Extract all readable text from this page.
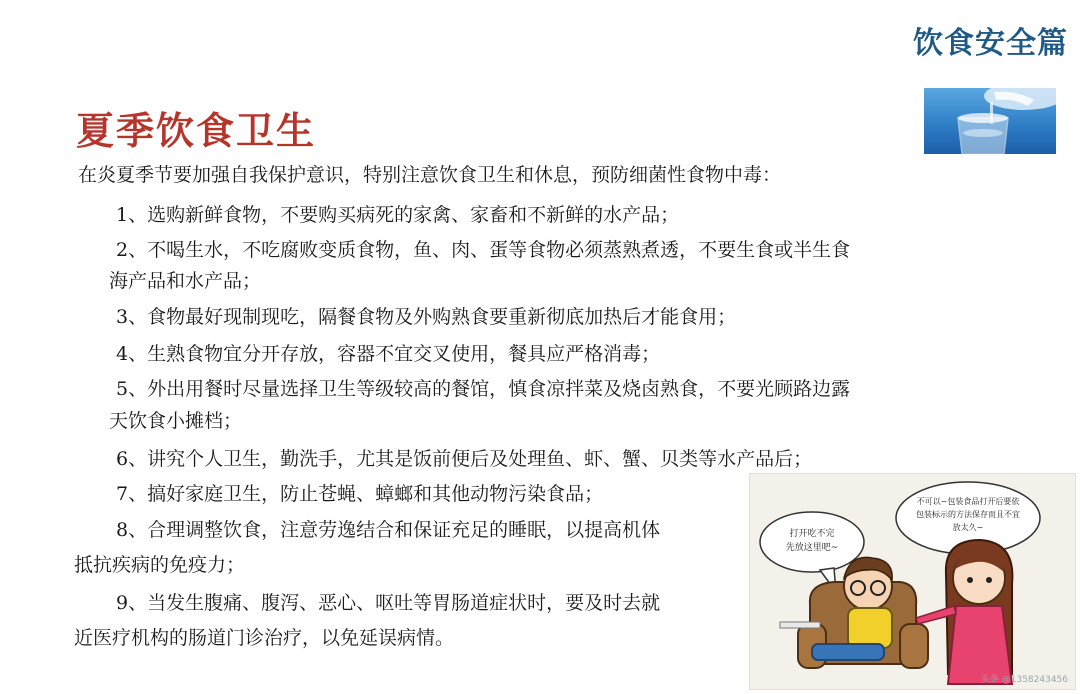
饮食安全篇
夏季饮食卫生
在炎夏季节要加强自我保护意识，特别注意饮食卫生和休息，预防细菌性食物中毒：
1、选购新鲜食物，不要购买病死的家禽、家畜和不新鲜的水产品；
2、不喝生水，不吃腐败变质食物，鱼、肉、蛋等食物必须蒸熟煮透，不要生食或半生食
海产品和水产品；
3、食物最好现制现吃，隔餐食物及外购熟食要重新彻底加热后才能食用；
4、生熟食物宜分开存放，容器不宜交叉使用，餐具应严格消毒；
5、外出用餐时尽量选择卫生等级较高的餐馆，慎食凉拌菜及烧卤熟食，不要光顾路边露
天饮食小摊档；
6、讲究个人卫生，勤洗手，尤其是饭前便后及处理鱼、虾、蟹、贝类等水产品后；
7、搞好家庭卫生，防止苍蝇、蟑螂和其他动物污染食品；
8、合理调整饮食，注意劳逸结合和保证充足的睡眠，以提高机体
抵抗疾病的免疫力；
9、当发生腹痛、腹泻、恶心、呕吐等胃肠道症状时，要及时去就
近医疗机构的肠道门诊治疗，以免延误病情。
打开吃不完
先放这里吧~
不可以~包装食品打开后要依
包装标示的方法保存而且不宜
放太久~
头条 @1358243456
